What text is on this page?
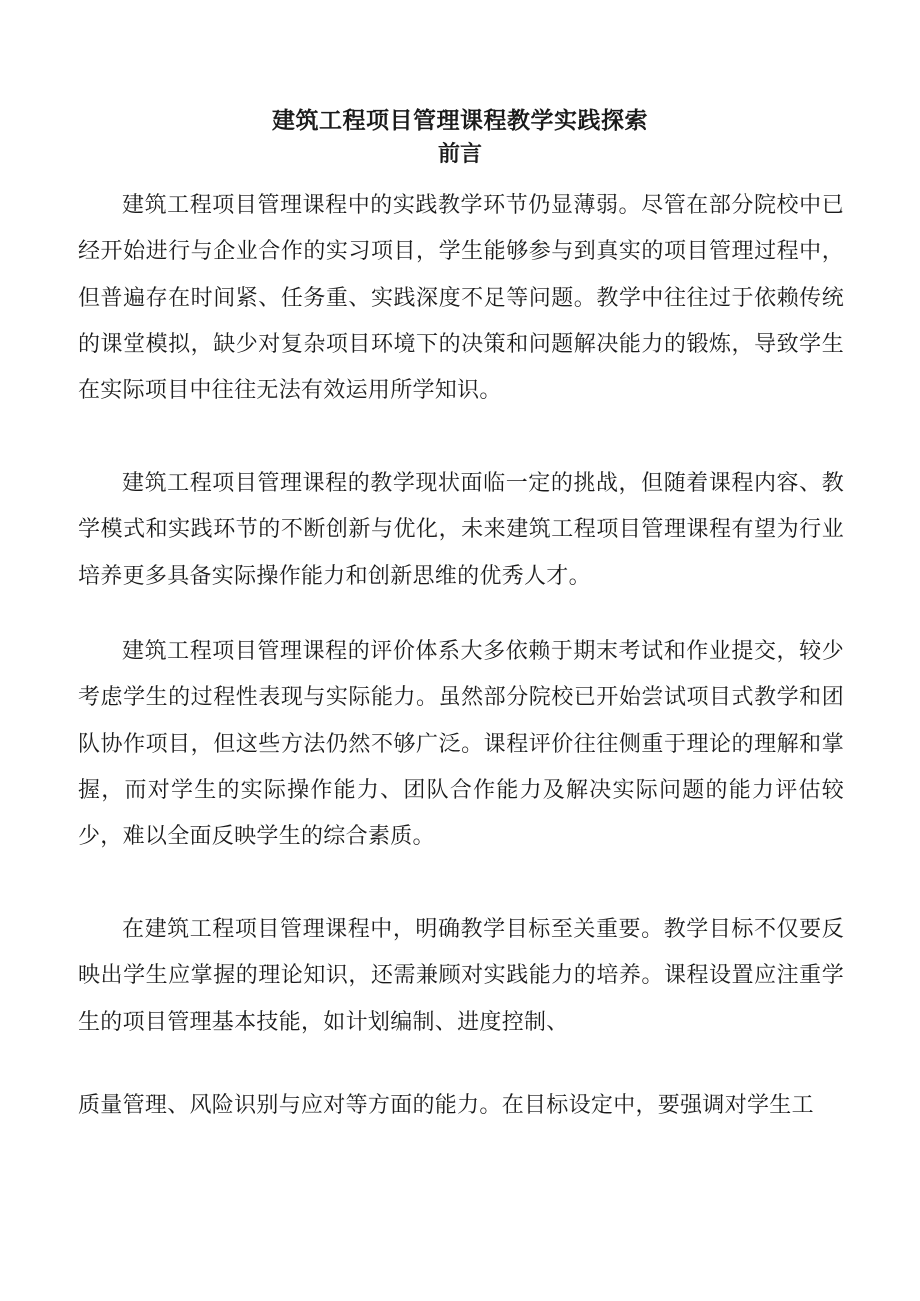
建筑工程项目管理课程教学实践探索
前言

建筑工程项目管理课程中的实践教学环节仍显薄弱。尽管在部分院校中已经开始进行与企业合作的实习项目，学生能够参与到真实的项目管理过程中，但普遍存在时间紧、任务重、实践深度不足等问题。教学中往往过于依赖传统的课堂模拟，缺少对复杂项目环境下的决策和问题解决能力的锻炼，导致学生在实际项目中往往无法有效运用所学知识。

建筑工程项目管理课程的教学现状面临一定的挑战，但随着课程内容、教学模式和实践环节的不断创新与优化，未来建筑工程项目管理课程有望为行业培养更多具备实际操作能力和创新思维的优秀人才。

建筑工程项目管理课程的评价体系大多依赖于期末考试和作业提交，较少考虑学生的过程性表现与实际能力。虽然部分院校已开始尝试项目式教学和团队协作项目，但这些方法仍然不够广泛。课程评价往往侧重于理论的理解和掌握，而对学生的实际操作能力、团队合作能力及解决实际问题的能力评估较少，难以全面反映学生的综合素质。

在建筑工程项目管理课程中，明确教学目标至关重要。教学目标不仅要反映出学生应掌握的理论知识，还需兼顾对实践能力的培养。课程设置应注重学生的项目管理基本技能，如计划编制、进度控制、

质量管理、风险识别与应对等方面的能力。在目标设定中，要强调对学生工
